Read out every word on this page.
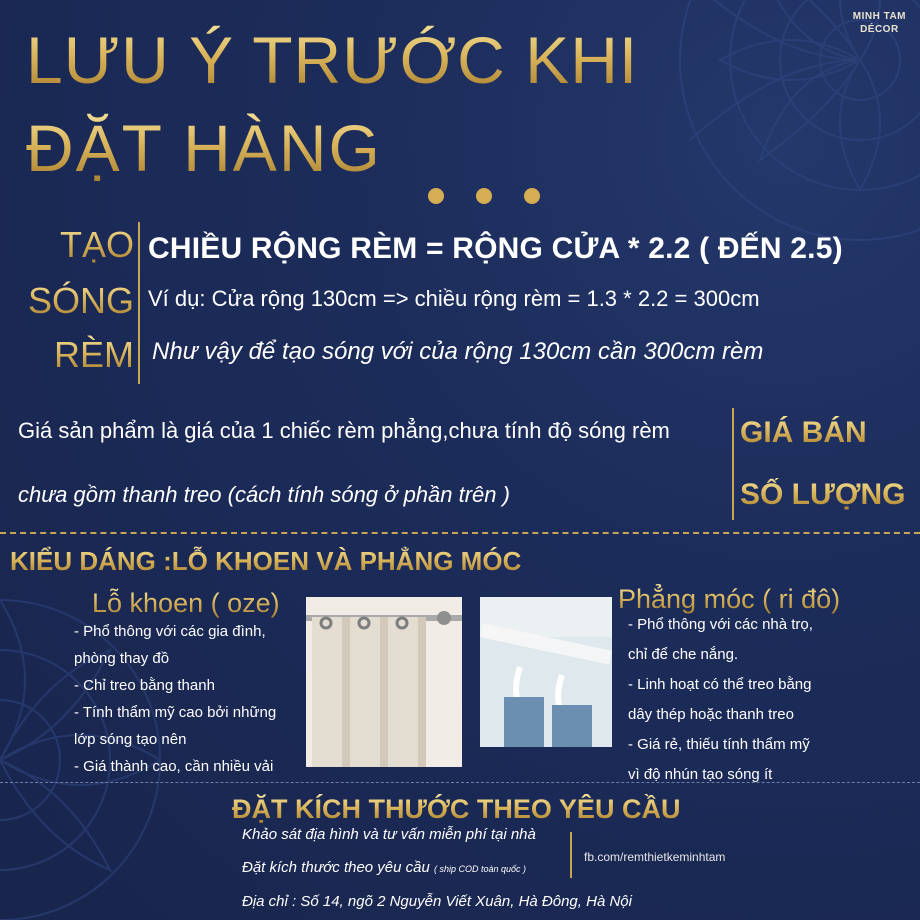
MINH TAM
DÉCOR
LƯU Ý TRƯỚC KHI
ĐẶT HÀNG
TẠO
SÓNG
RÈM
CHIỀU RỘNG RÈM = RỘNG CỬA * 2.2 ( ĐẾN 2.5)
Ví dụ: Cửa rộng 130cm => chiều rộng rèm = 1.3 * 2.2 = 300cm
Như vậy để tạo sóng với của rộng 130cm cần 300cm rèm
Giá sản phẩm là giá của 1 chiếc rèm phẳng,chưa tính độ sóng rèm
chưa gồm thanh treo (cách tính sóng ở phần trên )
GIÁ BÁN
SỐ LƯỢNG
KIỂU DÁNG :LỖ KHOEN VÀ PHẲNG MÓC
Lỗ khoen ( oze)
- Phổ thông với các gia đình,
phòng thay đồ
- Chỉ treo bằng thanh
- Tính thẩm mỹ cao bởi những
lớp sóng tạo nên
- Giá thành cao, cần nhiều vải
Phẳng móc ( ri đô)
- Phổ thông với các nhà trọ,
chỉ để che nắng.
- Linh hoạt có thể treo bằng
dây thép hoặc thanh treo
- Giá rẻ, thiếu tính thẩm mỹ
vì độ nhún tạo sóng ít
ĐẶT KÍCH THƯỚC THEO YÊU CẦU
Khảo sát địa hình và tư vấn miễn phí tại nhà
Đặt kích thước theo yêu cầu ( ship COD toàn quốc )
fb.com/remthietkeminhtam
Địa chỉ : Số 14, ngõ 2 Nguyễn Viết Xuân, Hà Đông, Hà Nội
